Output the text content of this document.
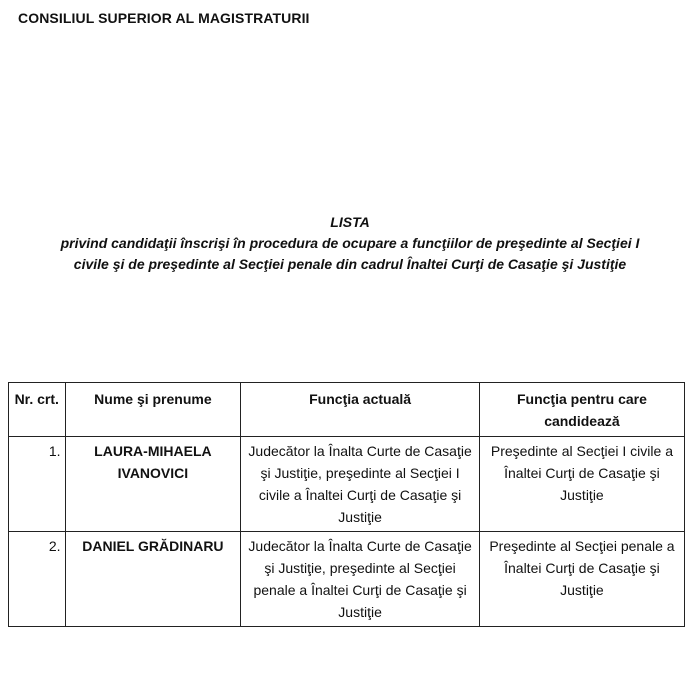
CONSILIUL SUPERIOR AL MAGISTRATURII
LISTA
privind candidaţii înscrişi în procedura de ocupare a funcţiilor de preşedinte al Secţiei I
civile şi de preşedinte al Secţiei penale din cadrul Înaltei Curţi de Casaţie şi Justiţie
Nr. crt.	Nume şi prenume	Funcţia actuală	Funcţia pentru care candidează
1.	LAURA-MIHAELA IVANOVICI	Judecător la Înalta Curte de Casaţie şi Justiţie, preşedinte al Secţiei I civile a Înaltei Curţi de Casaţie şi Justiţie	Preşedinte al Secţiei I civile a Înaltei Curţi de Casaţie şi Justiţie
2.	DANIEL GRĂDINARU	Judecător la Înalta Curte de Casaţie şi Justiţie, preşedinte al Secţiei penale a Înaltei Curţi de Casaţie şi Justiţie	Preşedinte al Secţiei penale a Înaltei Curţi de Casaţie şi Justiţie
